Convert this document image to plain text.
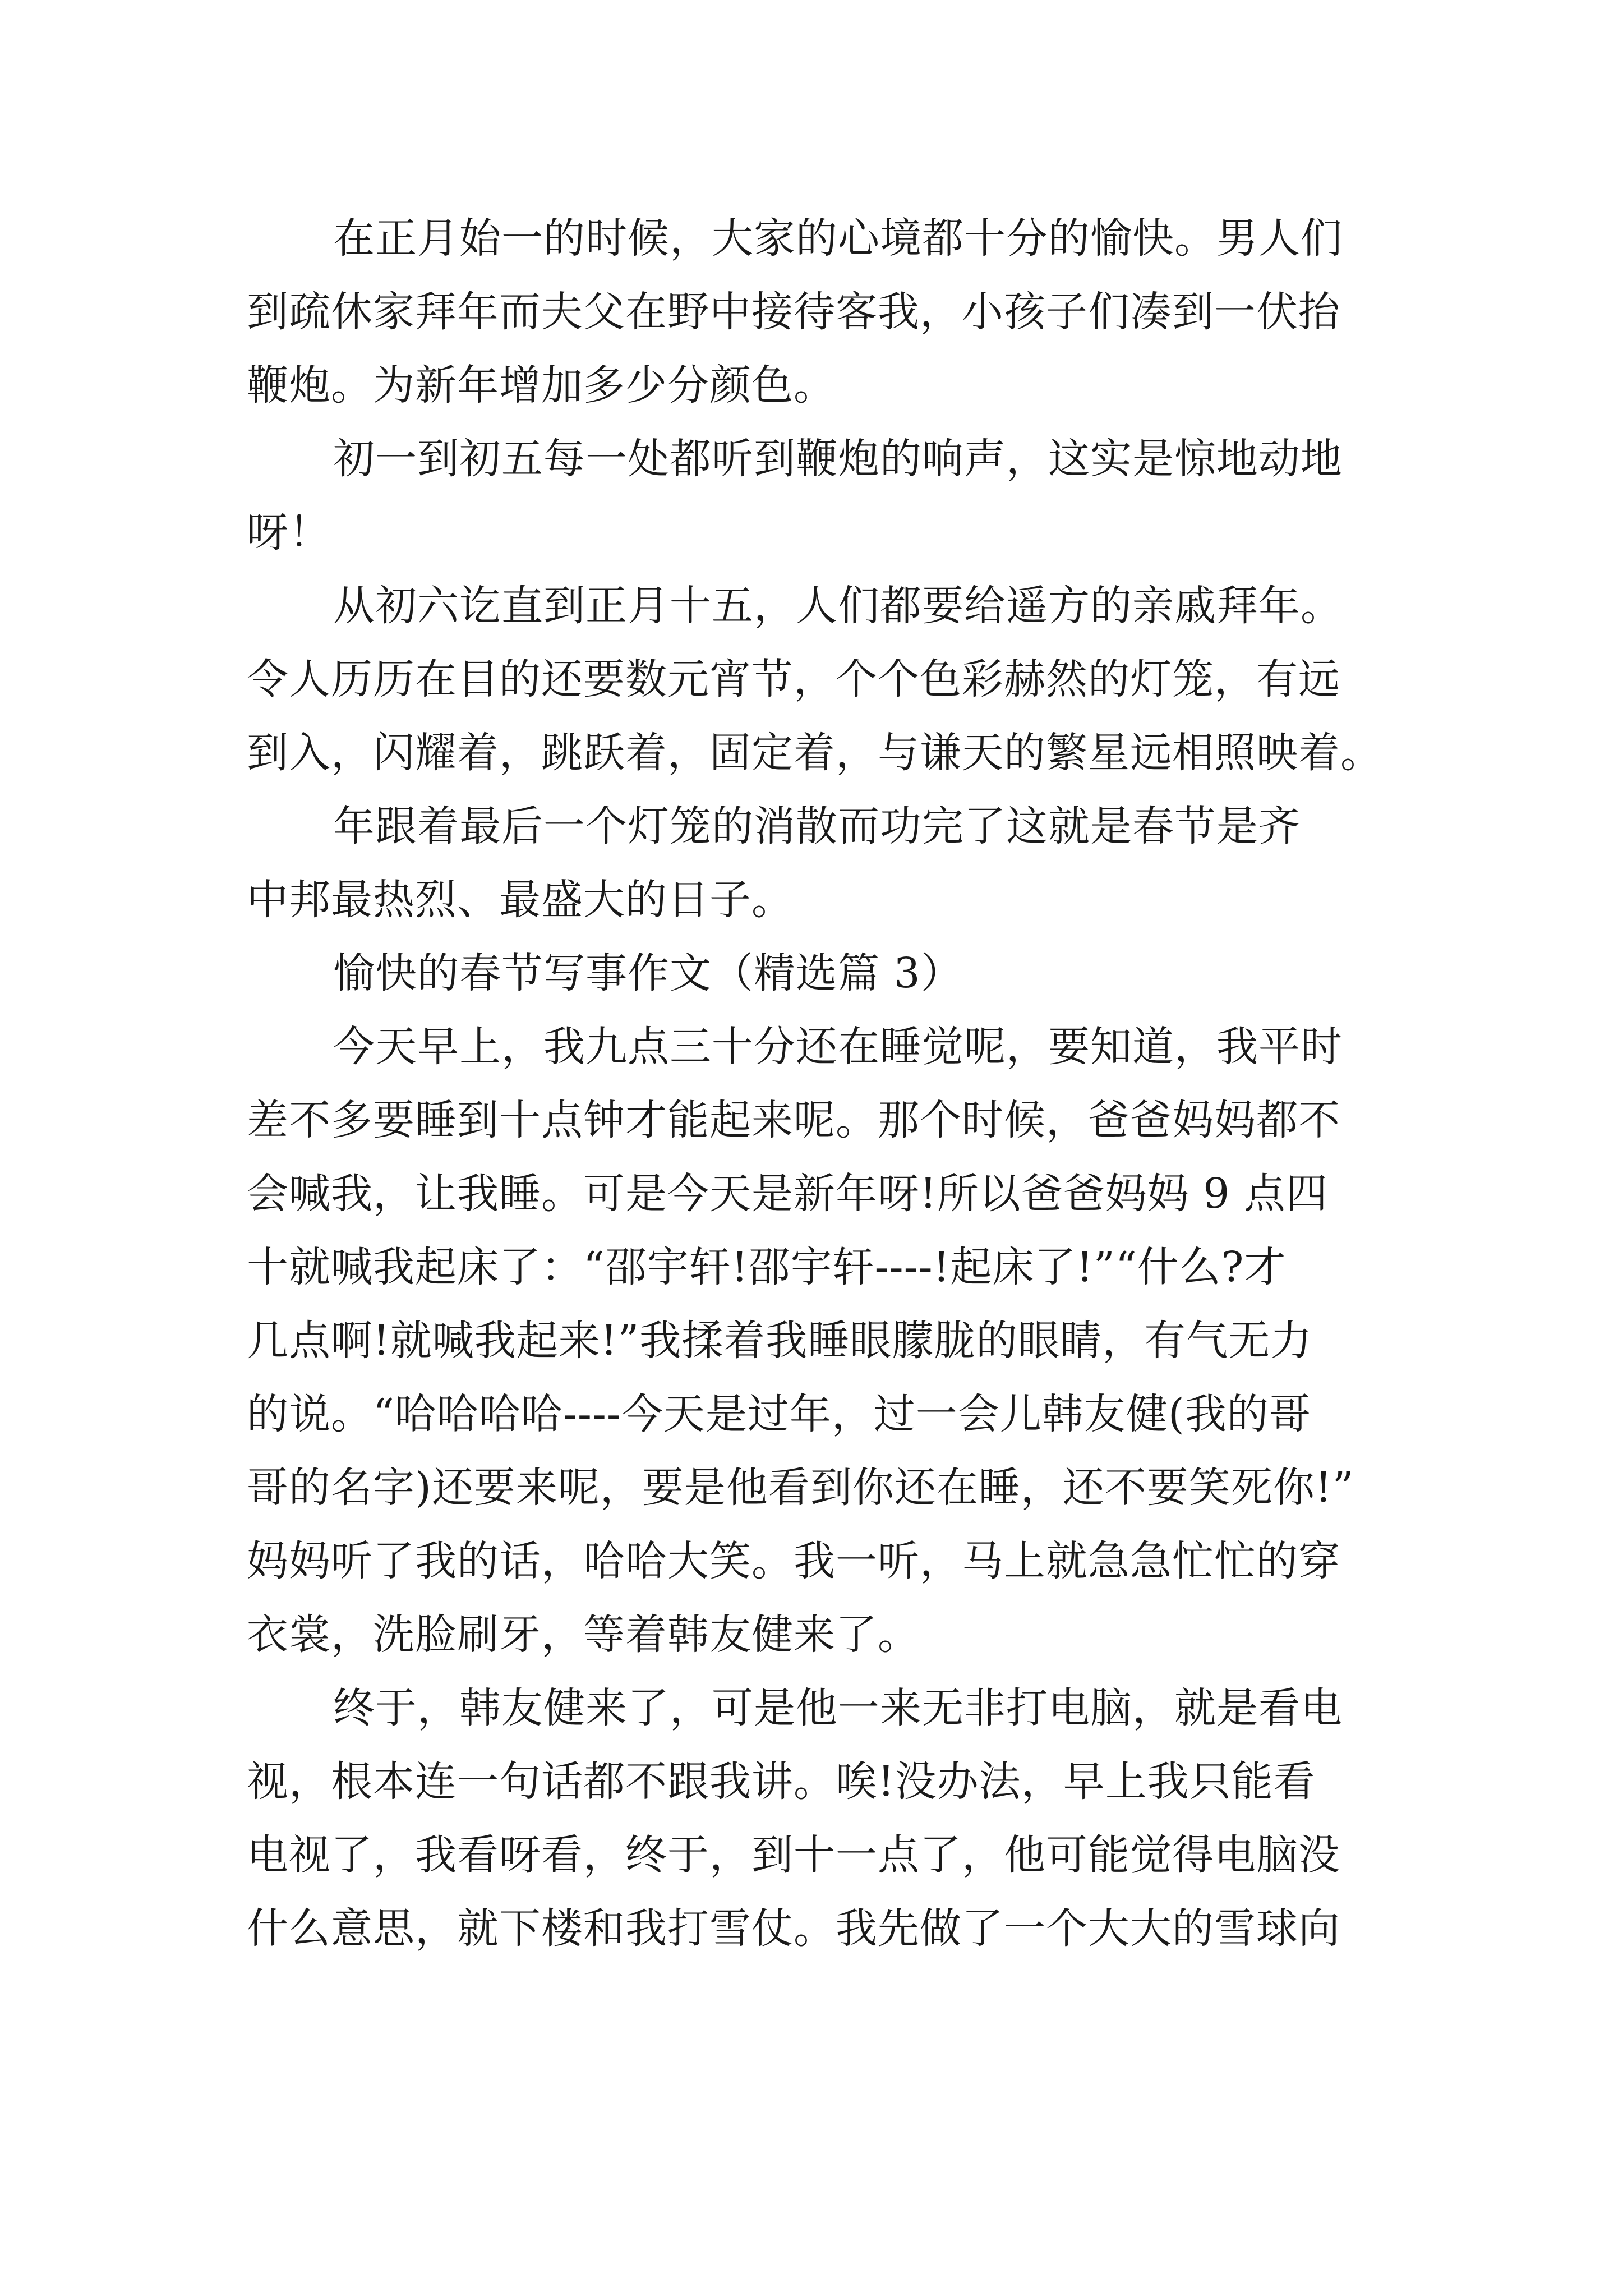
在正月始一的时候，大家的心境都十分的愉快。男人们
到疏休家拜年而夫父在野中接待客我，小孩子们凑到一伏抬
鞭炮。为新年增加多少分颜色。
初一到初五每一处都听到鞭炮的响声，这实是惊地动地
呀！
从初六讫直到正月十五，人们都要给遥方的亲戚拜年。
令人历历在目的还要数元宵节，个个色彩赫然的灯笼，有远
到入，闪耀着，跳跃着，固定着，与谦天的繁星远相照映着。
年跟着最后一个灯笼的消散而功完了这就是春节是齐
中邦最热烈、最盛大的日子。
愉快的春节写事作文（精选篇 3）
今天早上，我九点三十分还在睡觉呢，要知道，我平时
差不多要睡到十点钟才能起来呢。那个时候，爸爸妈妈都不
会喊我，让我睡。可是今天是新年呀!所以爸爸妈妈 9 点四
十就喊我起床了：“邵宇轩!邵宇轩----!起床了!”“什么?才
几点啊!就喊我起来!”我揉着我睡眼朦胧的眼睛，有气无力
的说。“哈哈哈哈----今天是过年，过一会儿韩友健(我的哥
哥的名字)还要来呢，要是他看到你还在睡，还不要笑死你!”
妈妈听了我的话，哈哈大笑。我一听，马上就急急忙忙的穿
衣裳，洗脸刷牙，等着韩友健来了。
终于，韩友健来了，可是他一来无非打电脑，就是看电
视，根本连一句话都不跟我讲。唉!没办法，早上我只能看
电视了，我看呀看，终于，到十一点了，他可能觉得电脑没
什么意思，就下楼和我打雪仗。我先做了一个大大的雪球向
